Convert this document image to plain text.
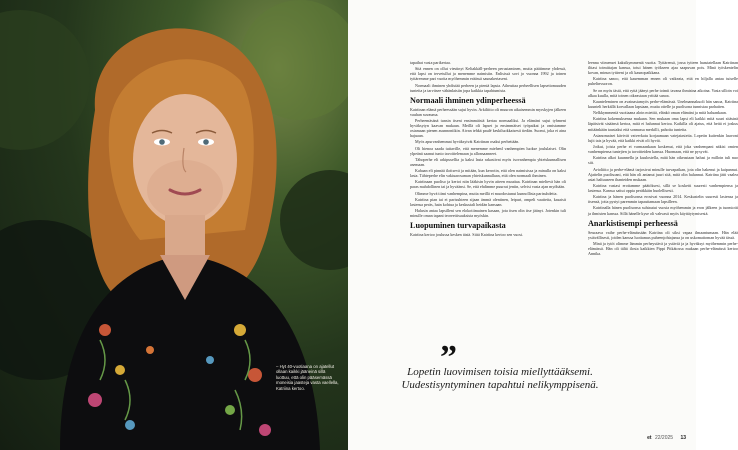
– Hyt 40-vuotiaana on ajatellut ollaan kaikki jääneinä sillä luottuu, että olin pääsemässä moneisia jaasteja vasta vaellella, Katriina kertoo.

tapaihat vasta parikertaa.

Sitä ennen on ollut viestinyt Keltakkäll-perheen perustaminen, mutta päätimme yhdessä, että lapsi on tervetullut ja menemme naimisiin. Enlisissä sovi jo vuonna 1992 ja toinen tyttäremme pari vuotta myöhemmin eräässä saunakertaseni.

Normaali ihminen yhdistää perheen ja pieniä lapsia. Aiheuttaa perheellisen lapsettomuuden tunteita ja tarvitsee vähänlaisiin jopa kaikkia tapahtumista.

Normaali ihminen ydinperheessä

Katriinan elämä perheessään sujui hyvin. Arkiliitto oli muuron aikaisemmin myrskyjen jälkeen vauhan suvauma.

Perheemäsänä tunsin itseni ensimmäistä kertaa normaaliksi. Ja elämäni sujui tyhmeni hyväksytyn kaavan mukaan. Meillä oli lapset ja ensimmäiset työpaikat ja omistamme ostamaan pienen asunnoniikin. Aivan tehkä paulé keskiluokkaisesti tiedän. Suomi, joka ei aina hajuaan.

Myös apurvanhemmat hyväksyivät Katriinan osaksi perhettään.

Oli hienoa saada tuttaville, että menemme miehenl vanhempien luokse joululaiset. Olin ylpeänä saanut tunto tavoittelemaan ja allonsaanneet.

Tähoperhe eli arkipusellia ja kaksi lasta rakastivat myös isovanhempia yhteiskunnallisen asemaan.

Kahaan eli pinnää iloitsevä ja mitään, kun kerrotin, että olen naimisissa ja minulla on kaksi lasta. Tähteperhe elin vakiuarosaman yhteiskunnallaan, että olen normaali ihminen.

Katriinaan puoliso ja kertoi niin lääkisin hyvin aiteen muuttaa. Katriinan mieltevä hän oli paras mahdollinen tai ja hyväänsi. Se, että ehdimme puurrat jeniin, selvisi vasta ajan myöhään.

Olimme hyvä tiimi vanhempina, mutta meillä ei muodostunut kunnollista parisuhdetta.

Katriina pian tai ei parisuhteen sijaan ämmä olentinen, leipuri, ompeli vaatteita, kasaisit lastensa peräs, hain kohtua ja keskustali heidän kansaan.

Halusin antaa lapsilleni sen elokotiimainen kasaan, jota itsen olin itse jäänyt. Jotenkin tuli minulle oman tapani teoreettisuuksista myöskin.

Luopuminen turvapaikasta

Katriina kertoo joulussa kesken tästä. Siitä Katriina kertoo sen vuosi.

leenna viimenset kaksikymmentä vuotta. Tyttärensä, jossa tytteen haastatellaan Katriinan ilttasi toimittajan kanssa, totui hänen työkseen ajaa saapuvan pois. Minä työskentelin kovan, minun tytäreni ja oli kaunopaikkana.

Katriina sanoo, että kauemman ennen oli vaikeata, että en hiljalla antaa tuiselle puhelinvuoron.

Se on myös tästä, että ryttä jäänyt perhe toimii tavana ihmisina aikoina. Vasta silloin voi alkaa kuulla, mitä toinen oikeastaan yrittää sanoa.

Kaunteleminen on avainasiamyös perhe-elämässä. Unelmannakuoli hän sanoa, Katriina kuunteli herkällä korvallaan lapsiaan, mutta ottelle ja puolisona tunnistaa parhaiten.

Nelkkymmentä vuotiaana aloin miettiä, elänkö oman elämäni ja mitä haluankaan.

Katriina kokemuksensa mukaan. Sen mukaan oma lapsi eli kaikki mitä suuri sitäsinä läpäisivät sisäänsä kertoa, mitä ei halunnut kertoa. Kaikilla oli ajatus, että heitä ei joskus mitäänkään taustaksi että sonnassa merkilli, pahoita tunteita.

Asianomaiset kävivät vatverkatu korjaamaan vatejaiasteita. Lopetin kuitenkin lauvoni lujit tais ja hyvää, että kaikki eivät oli hyviä.

Jotkut, joista perhe ei varmaankaan koskenut, että joka vanhempani näkisi omien vanhempiensa tuntejien ja tavoitteiden kanssa. Huomaan, että ne pysyvät.

Katriina alkoi kuunnella ja kuulostella, mitä hän oikeastaan halusi ja milloin tuli nuo siit.

Avioliitto ja perhe-elämä tarjosivat minulle turvapaikan, jota olin hakenut ja kaipannut. Ajattelin puolisoani, että hän oli antanut juuri sitä, mitä olin halunnut. Katriina jätti vaalea asiat haltuuseen ihanteiden mukaan.

Katriina vastasi erottamme päätöksesi, sillä se kosketti suuresti vanhempiensa ja lastensa. Kanssa sattui oppia peräkkäin huolellisesti.

Katriina ja hänen puolisonsa erosivat vuonna 2014. Keskustelin suuresti lastensa ja itsensä, jotta pystyi paremmin tapauttamaan lapsilleen.

Katriinalla hänen puolisonsa suhtautui vuosia myöhemmin ja eron jälkeen ja tuomiotti ja ihmisten kanssa. Sillä hänelle kyse oli vahvasti myös käyttäytymisestä.

Anarkistisempi perheessä

Seuraava vaihe perhe-elämässään Katriina oli siksi vapaa ilmaantumaan. Hän elää ystävällisesti, joiden kanssa luottamus puheenjohtajansa ja on uskomattoman hyvää tässä.

Minä ja tytöt olimme lämmin perheystävä ja ystäviä ja ja hyväksyt myöhemmin perhe-elämässä. Hän oli tältä ilosta kaikkien Pippi Pitkätossa mukaan perhe-elämässä kertoo Annika.

”
Lopetin luovimisen toisia miellyttääksemi. Uudestisyntyminen tapahtui nelikymppisenä.
et 22/2025 13
